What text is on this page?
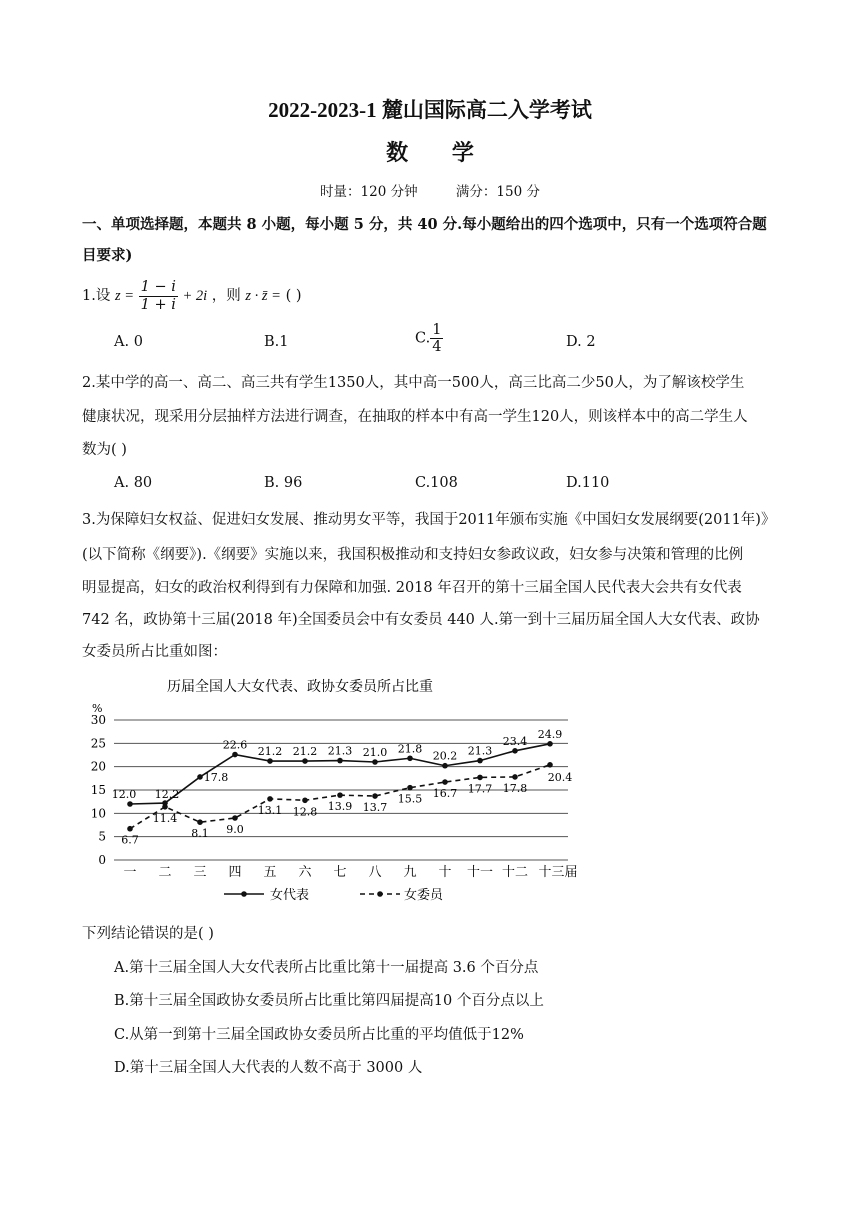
2022-2023-1 麓山国际高二入学考试
数 学
时量：120 分钟	满分：150 分
一、单项选择题，本题共 8 小题，每小题 5 分，共 40 分.每小题给出的四个选项中，只有一个选项符合题
目要求)
1.设 $z = \frac{1 - i}{1 + i} + 2i$ ，则 z · z̄ = ( )
A. 0	B.1	C. $\frac{1}{4}$	D. 2
2.某中学的高一、高二、高三共有学生1350人，其中高一500人，高三比高二少50人，为了解该校学生
健康状况，现采用分层抽样方法进行调查，在抽取的样本中有高一学生120人，则该样本中的高二学生人
数为( )
A. 80	B. 96	C.108	D.110
3.为保障妇女权益、促进妇女发展、推动男女平等，我国于2011年颁布实施《中国妇女发展纲要(2011年)》
(以下简称《纲要》).《纲要》实施以来，我国积极推动和支持妇女参政议政，妇女参与决策和管理的比例
明显提高，妇女的政治权利得到有力保障和加强. 2018 年召开的第十三届全国人民代表大会共有女代表
742 名，政协第十三届(2018 年)全国委员会中有女委员 440 人.第一到十三届历届全国人大女代表、政协
女委员所占比重如图：
历届全国人大女代表、政协女委员所占比重
%
0
5
10
15
20
25
30
一 二 三 四 五 六 七 八 九 十 十一 十二 十三届
12.0 12.2
17.8
22.6
21.2 21.2 21.3 21.0 21.8
20.2 21.3
23.4
24.9
6.7
11.4
8.1 9.0
13.1 12.8 13.9 13.7
15.5 16.7 17.7 17.8
20.4
女代表	女委员
下列结论错误的是( )
A.第十三届全国人大女代表所占比重比第十一届提高 3.6 个百分点
B.第十三届全国政协女委员所占比重比第四届提高10 个百分点以上
C.从第一到第十三届全国政协女委员所占比重的平均值低于12%
D.第十三届全国人大代表的人数不高于 3000 人
